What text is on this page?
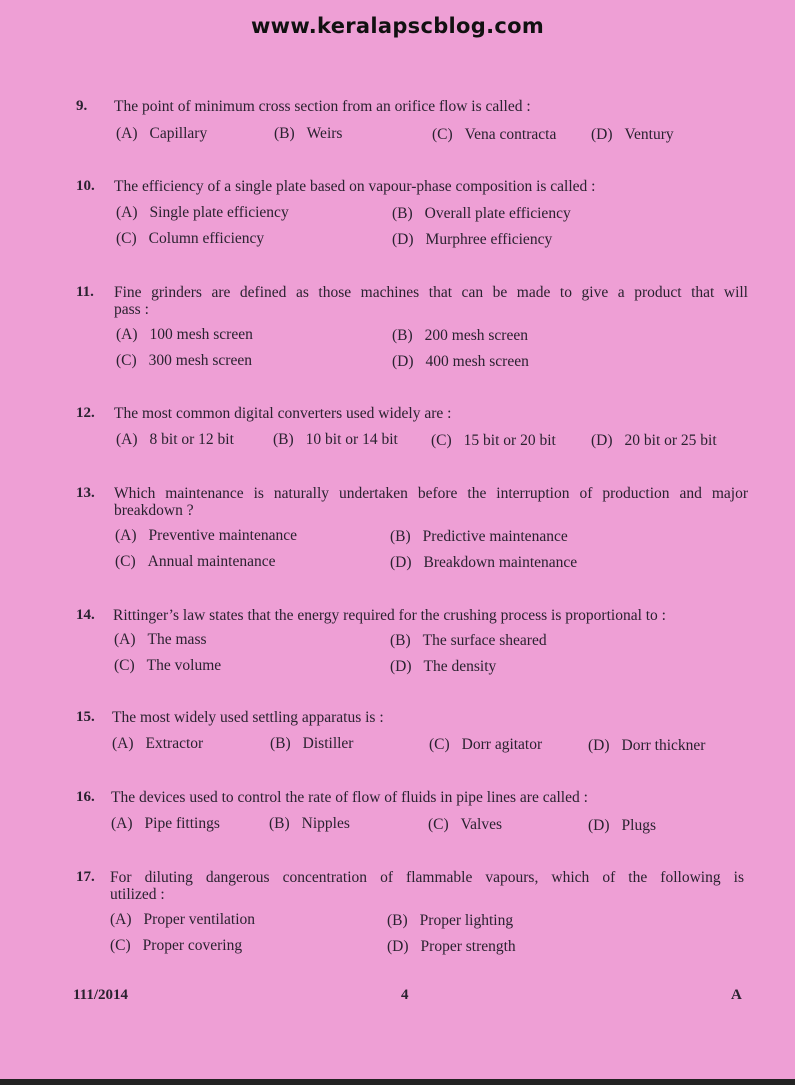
www.keralapscblog.com
9. The point of minimum cross section from an orifice flow is called :
(A) Capillary	(B) Weirs	(C) Vena contracta (D) Ventury
10. The efficiency of a single plate based on vapour-phase composition is called :
(A) Single plate efficiency	(B) Overall plate efficiency
(C) Column efficiency	(D) Murphree efficiency
11. Fine grinders are defined as those machines that can be made to give a product that will
pass :
(A) 100 mesh screen	(B) 200 mesh screen
(C) 300 mesh screen	(D) 400 mesh screen
12. The most common digital converters used widely are :
(A) 8 bit or 12 bit	(B) 10 bit or 14 bit (C) 15 bit or 20 bit (D) 20 bit or 25 bit
13. Which maintenance is naturally undertaken before the interruption of production and major
breakdown ?
(A) Preventive maintenance	(B) Predictive maintenance
(C) Annual maintenance	(D) Breakdown maintenance
14. Rittinger’s law states that the energy required for the crushing process is proportional to :
(A) The mass	(B) The surface sheared
(C) The volume	(D) The density
15. The most widely used settling apparatus is :
(A) Extractor	(B) Distiller	(C) Dorr agitator	(D) Dorr thickner
16. The devices used to control the rate of flow of fluids in pipe lines are called :
(A) Pipe fittings	(B) Nipples	(C) Valves	(D) Plugs
17. For diluting dangerous concentration of flammable vapours, which of the following is
utilized :
(A) Proper ventilation	(B) Proper lighting
(C) Proper covering	(D) Proper strength
111/2014	4	A
